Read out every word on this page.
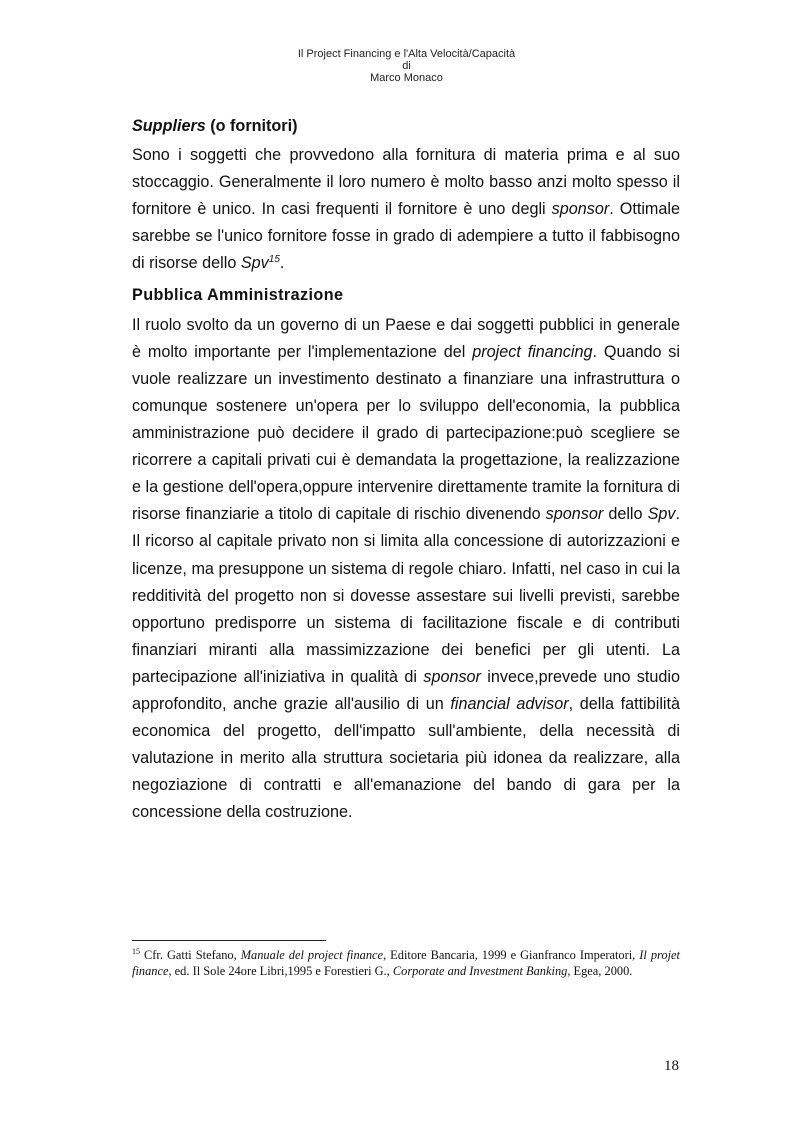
Il Project Financing e l'Alta Velocità/Capacità
di
Marco Monaco
Suppliers (o fornitori)

Sono i soggetti che provvedono alla fornitura di materia prima e al suo stoccaggio. Generalmente il loro numero è molto basso anzi molto spesso il fornitore è unico. In casi frequenti il fornitore è uno degli sponsor. Ottimale sarebbe se l'unico fornitore fosse in grado di adempiere a tutto il fabbisogno di risorse dello Spv$^{15}$.

Pubblica Amministrazione

Il ruolo svolto da un governo di un Paese e dai soggetti pubblici in generale è molto importante per l'implementazione del project financing. Quando si vuole realizzare un investimento destinato a finanziare una infrastruttura o comunque sostenere un'opera per lo sviluppo dell'economia, la pubblica amministrazione può decidere il grado di partecipazione:può scegliere se ricorrere a capitali privati cui è demandata la progettazione, la realizzazione e la gestione dell'opera,oppure intervenire direttamente tramite la fornitura di risorse finanziarie a titolo di capitale di rischio divenendo sponsor dello Spv. Il ricorso al capitale privato non si limita alla concessione di autorizzazioni e licenze, ma presuppone un sistema di regole chiaro. Infatti, nel caso in cui la redditività del progetto non si dovesse assestare sui livelli previsti, sarebbe opportuno predisporre un sistema di facilitazione fiscale e di contributi finanziari miranti alla massimizzazione dei benefici per gli utenti. La partecipazione all'iniziativa in qualità di sponsor invece,prevede uno studio approfondito, anche grazie all'ausilio di un financial advisor, della fattibilità economica del progetto, dell'impatto sull'ambiente, della necessità di valutazione in merito alla struttura societaria più idonea da realizzare, alla negoziazione di contratti e all'emanazione del bando di gara per la concessione della costruzione.

$^{15}$ Cfr. Gatti Stefano, Manuale del project finance, Editore Bancaria, 1999 e Gianfranco Imperatori, Il projet finance, ed. Il Sole 24ore Libri,1995 e Forestieri G., Corporate and Investment Banking, Egea, 2000.
18
